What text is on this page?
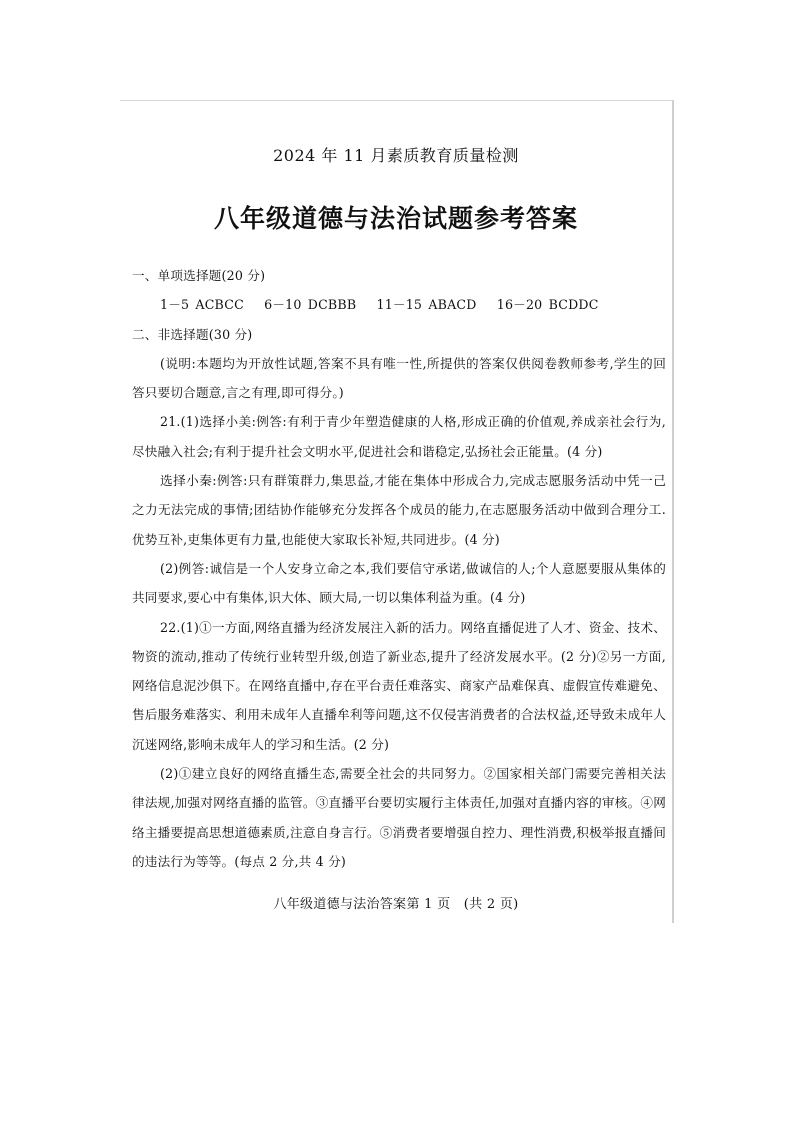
2024 年 11 月素质教育质量检测
八年级道德与法治试题参考答案

一、单项选择题(20 分)

1－5 ACBCC 6－10 DCBBB 11－15 ABACD 16－20 BCDDC

二、非选择题(30 分)

(说明:本题均为开放性试题,答案不具有唯一性,所提供的答案仅供阅卷教师参考,学生的回答只要切合题意,言之有理,即可得分。)

21.(1)选择小美:例答:有利于青少年塑造健康的人格,形成正确的价值观,养成亲社会行为,尽快融入社会;有利于提升社会文明水平,促进社会和谐稳定,弘扬社会正能量。(4 分)

选择小秦:例答:只有群策群力,集思益,才能在集体中形成合力,完成志愿服务活动中凭一己之力无法完成的事情;团结协作能够充分发挥各个成员的能力,在志愿服务活动中做到合理分工.优势互补,吏集体更有力量,也能使大家取长补短,共同进步。(4 分)

(2)例答:诚信是一个人安身立命之本,我们要信守承诺,做诚信的人;个人意愿要服从集体的共同要求,要心中有集体,识大体、顾大局,一切以集体利益为重。(4 分)

22.(1)①一方面,网络直播为经济发展注入新的活力。网络直播促进了人才、资金、技术、物资的流动,推动了传统行业转型升级,创造了新业态,提升了经济发展水平。(2 分)②另一方面,网络信息泥沙俱下。在网络直播中,存在平台责任难落实、商家产品难保真、虚假宣传难避免、售后服务难落实、利用未成年人直播牟利等问题,这不仅侵害消费者的合法权益,还导致未成年人沉迷网络,影响未成年人的学习和生活。(2 分)

(2)①建立良好的网络直播生态,需要全社会的共同努力。②国家相关部门需要完善相关法律法规,加强对网络直播的监管。③直播平台要切实履行主体责任,加强对直播内容的审核。④网络主播要提高思想道德素质,注意自身言行。⑤消费者要增强自控力、理性消费,积极举报直播间的违法行为等等。(每点 2 分,共 4 分)

八年级道德与法治答案第 1 页　(共 2 页)
